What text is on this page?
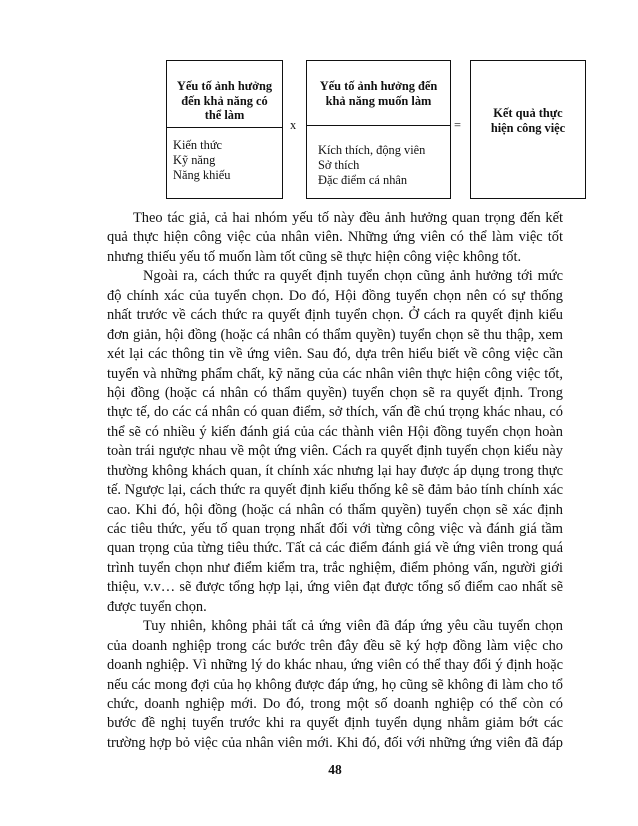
Yếu tố ảnh hưởng
đến khả năng có
thể làm
Kiến thức
Kỹ năng
Năng khiếu
x
Yếu tố ảnh hưởng đến
khả năng muốn làm
Kích thích, động viên
Sở thích
Đặc điểm cá nhân
=
Kết quả thực
hiện công việc
Theo tác giả, cả hai nhóm yếu tố này đều ảnh hưởng quan trọng đến kết
quả thực hiện công việc của nhân viên. Những ứng viên có thể làm việc tốt
nhưng thiếu yếu tố muốn làm tốt cũng sẽ thực hiện công việc không tốt.
Ngoài ra, cách thức ra quyết định tuyển chọn cũng ảnh hưởng tới mức
độ chính xác của tuyển chọn. Do đó, Hội đồng tuyển chọn nên có sự thống
nhất trước về cách thức ra quyết định tuyển chọn. Ở cách ra quyết định kiểu
đơn giản, hội đồng (hoặc cá nhân có thẩm quyền) tuyển chọn sẽ thu thập, xem
xét lại các thông tin về ứng viên. Sau đó, dựa trên hiểu biết về công việc cần
tuyển và những phẩm chất, kỹ năng của các nhân viên thực hiện công việc tốt,
hội đồng (hoặc cá nhân có thẩm quyền) tuyển chọn sẽ ra quyết định. Trong
thực tế, do các cá nhân có quan điểm, sở thích, vấn đề chú trọng khác nhau, có
thể sẽ có nhiều ý kiến đánh giá của các thành viên Hội đồng tuyển chọn hoàn
toàn trái ngược nhau về một ứng viên. Cách ra quyết định tuyển chọn kiểu này
thường không khách quan, ít chính xác nhưng lại hay được áp dụng trong thực
tế. Ngược lại, cách thức ra quyết định kiểu thống kê sẽ đảm bảo tính chính xác
cao. Khi đó, hội đồng (hoặc cá nhân có thẩm quyền) tuyển chọn sẽ xác định
các tiêu thức, yếu tố quan trọng nhất đối với từng công việc và đánh giá tầm
quan trọng của từng tiêu thức. Tất cả các điểm đánh giá về ứng viên trong quá
trình tuyển chọn như điểm kiểm tra, trắc nghiệm, điểm phỏng vấn, người giới
thiệu, v.v… sẽ được tổng hợp lại, ứng viên đạt được tổng số điểm cao nhất sẽ
được tuyển chọn.
Tuy nhiên, không phải tất cả ứng viên đã đáp ứng yêu cầu tuyển chọn
của doanh nghiệp trong các bước trên đây đều sẽ ký hợp đồng làm việc cho
doanh nghiệp. Vì những lý do khác nhau, ứng viên có thể thay đổi ý định hoặc
nếu các mong đợi của họ không được đáp ứng, họ cũng sẽ không đi làm cho tổ
chức, doanh nghiệp mới. Do đó, trong một số doanh nghiệp có thể còn có
bước đề nghị tuyển trước khi ra quyết định tuyển dụng nhằm giảm bớt các
trường hợp bỏ việc của nhân viên mới. Khi đó, đối với những ứng viên đã đáp
48
